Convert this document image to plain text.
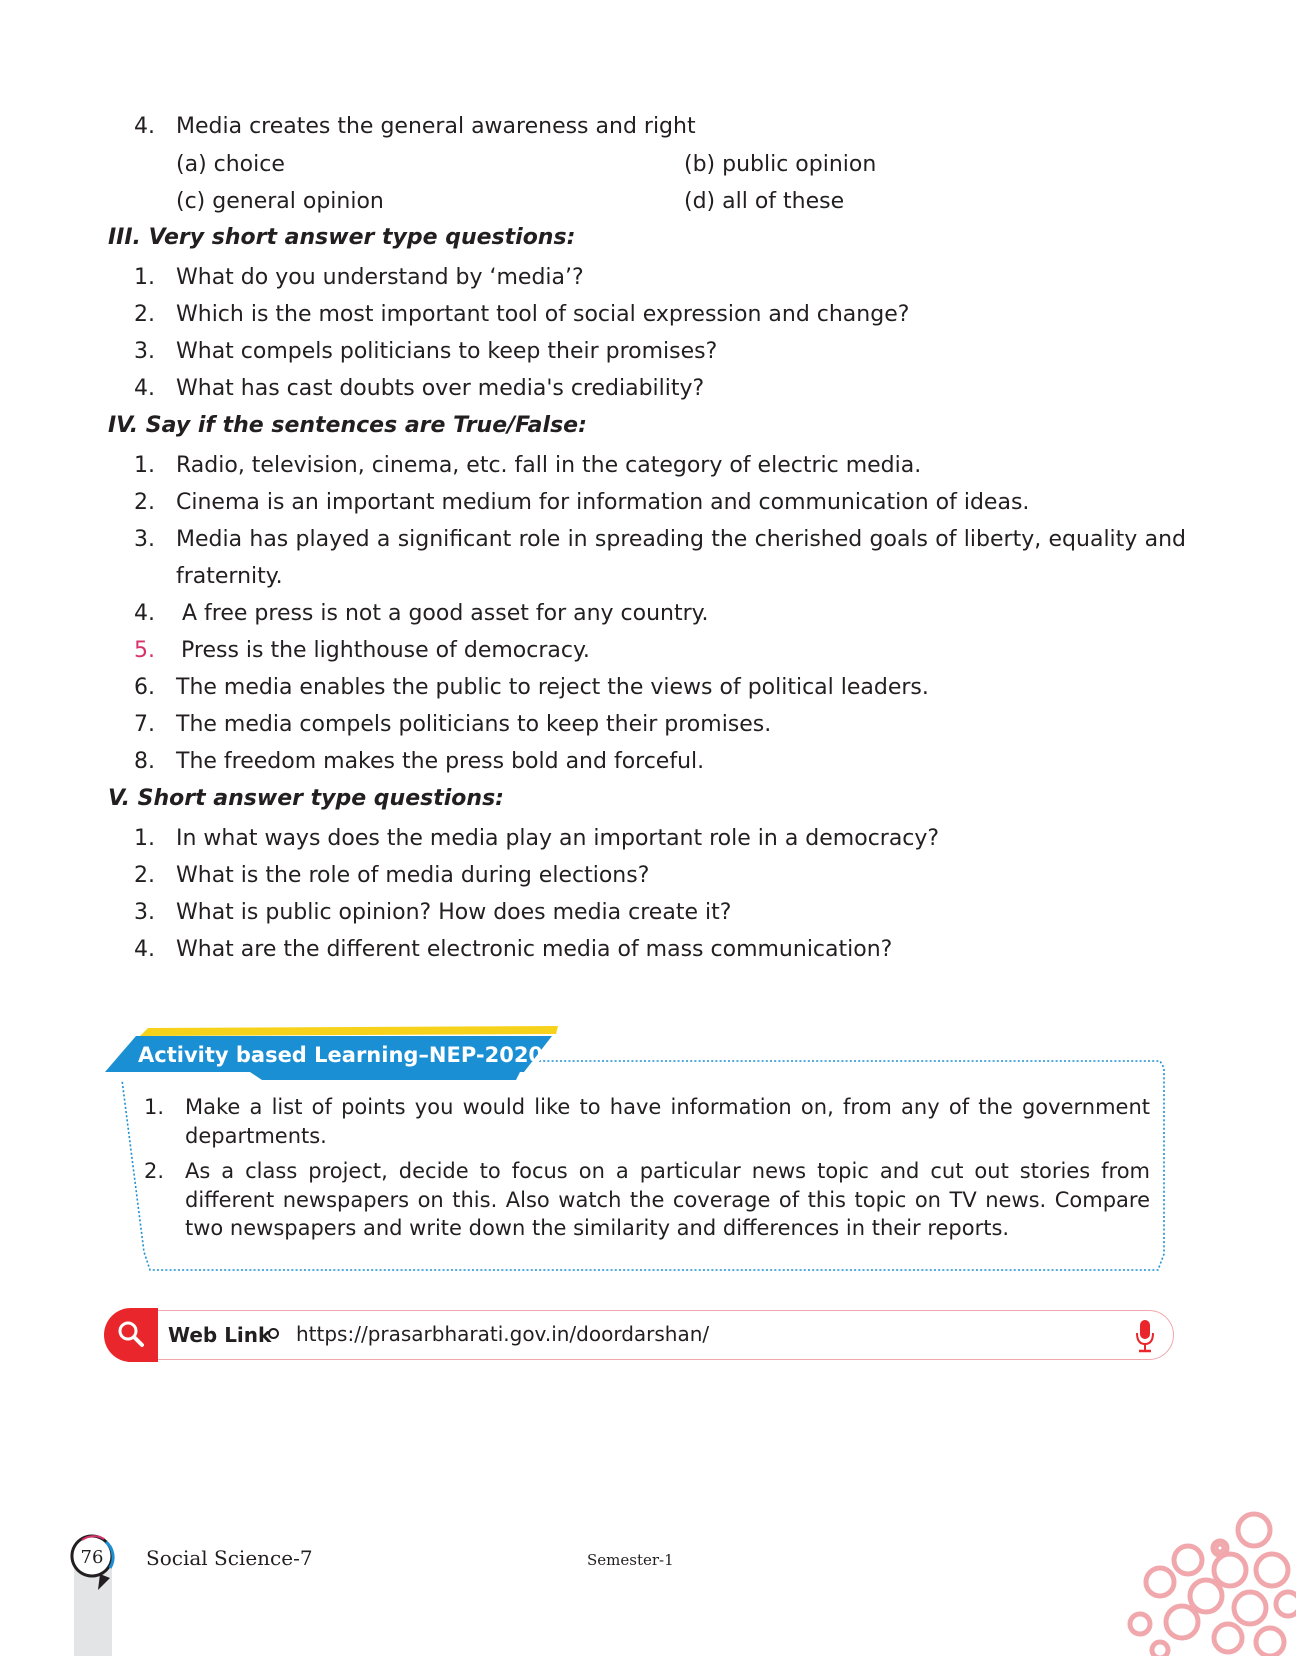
4. Media creates the general awareness and right
(a) choice	(b) public opinion
(c) general opinion	(d) all of these
III. Very short answer type questions:
1. What do you understand by ‘media’?
2. Which is the most important tool of social expression and change?
3. What compels politicians to keep their promises?
4. What has cast doubts over media's crediability?
IV. Say if the sentences are True/False:
1. Radio, television, cinema, etc. fall in the category of electric media.
2. Cinema is an important medium for information and communication of ideas.
3. Media has played a significant role in spreading the cherished goals of liberty, equality and fraternity.
4. A free press is not a good asset for any country.
5. Press is the lighthouse of democracy.
6. The media enables the public to reject the views of political leaders.
7. The media compels politicians to keep their promises.
8. The freedom makes the press bold and forceful.
V. Short answer type questions:
1. In what ways does the media play an important role in a democracy?
2. What is the role of media during elections?
3. What is public opinion? How does media create it?
4. What are the different electronic media of mass communication?
Activity based Learning–NEP-2020
1. Make a list of points you would like to have information on, from any of the government departments.
2. As a class project, decide to focus on a particular news topic and cut out stories from different newspapers on this. Also watch the coverage of this topic on TV news. Compare two newspapers and write down the similarity and differences in their reports.
Web Link https://prasarbharati.gov.in/doordarshan/
76	Social Science-7	Semester-1
